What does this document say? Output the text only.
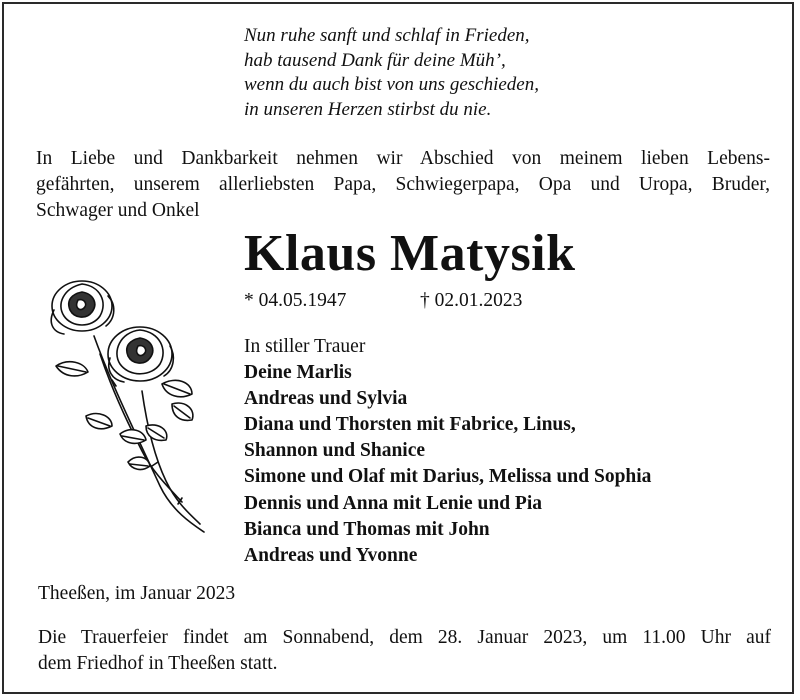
Nun ruhe sanft und schlaf in Frieden,
hab tausend Dank für deine Müh’,
wenn du auch bist von uns geschieden,
in unseren Herzen stirbst du nie.
In Liebe und Dankbarkeit nehmen wir Abschied von meinem lieben Lebens-
gefährten, unserem allerliebsten Papa, Schwiegerpapa, Opa und Uropa, Bruder,
Schwager und Onkel
Klaus Matysik
* 04.05.1947	† 02.01.2023
In stiller Trauer
Deine Marlis
Andreas und Sylvia
Diana und Thorsten mit Fabrice, Linus,
Shannon und Shanice
Simone und Olaf mit Darius, Melissa und Sophia
Dennis und Anna mit Lenie und Pia
Bianca und Thomas mit John
Andreas und Yvonne
Theeßen, im Januar 2023
Die Trauerfeier findet am Sonnabend, dem 28. Januar 2023, um 11.00 Uhr auf
dem Friedhof in Theeßen statt.
